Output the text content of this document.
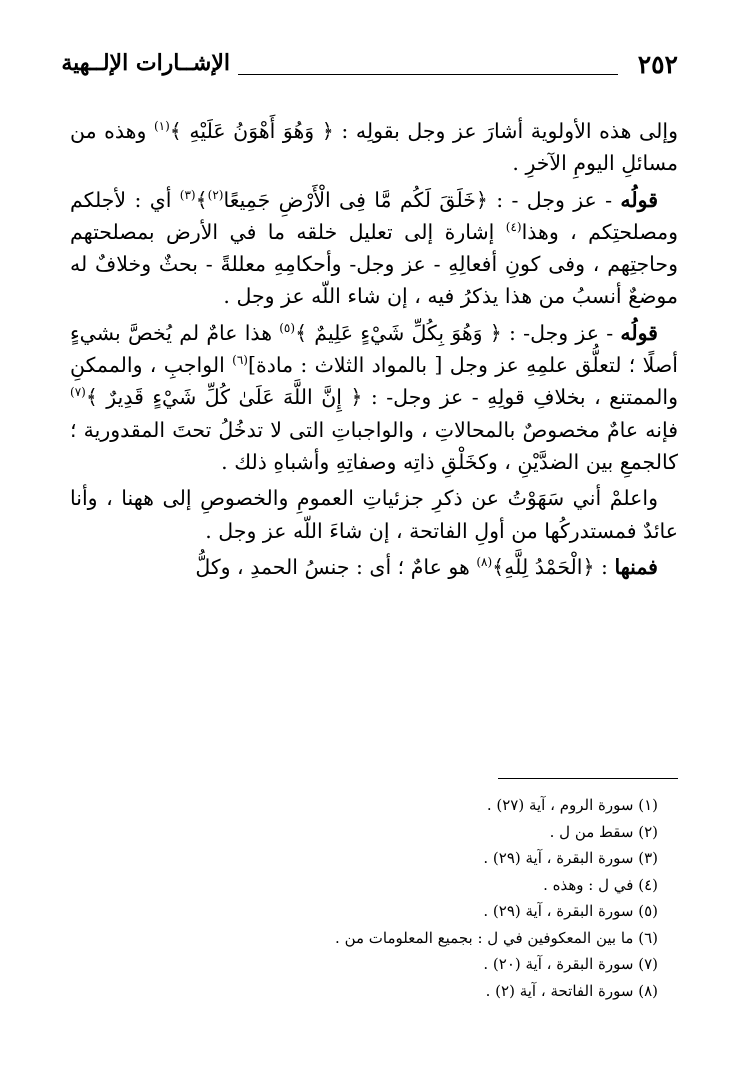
٢٥٢
الإشــارات الإلــهية

وإلى هذه الأولوية أشارَ عز وجل بقولِه : ﴿ وَهُوَ أَهْوَنُ عَلَيْهِ ﴾$^{(١)}$ وهذه من مسائلِ اليومِ الآخرِ .

قولُه - عز وجل - : ﴿خَلَقَ لَكُم مَّا فِى الْأَرْضِ جَمِيعًا$^{(٢)}$﴾$^{(٣)}$ أي : لأجلكم ومصلحتِكم ، وهذا$^{(٤)}$ إشارة إلى تعليل خلقه ما في الأرض بمصلحتهم وحاجتِهم ، وفى كونِ أفعالِهِ - عز وجل- وأحكامِهِ معللةً - بحثٌ وخلافٌ له موضعٌ أنسبُ من هذا يذكرُ فيه ، إن شاء اللّه عز وجل .

قولُه - عز وجل- : ﴿ وَهُوَ بِكُلِّ شَيْءٍ عَلِيمٌ ﴾$^{(٥)}$ هذا عامٌ لم يُخصَّ بشيءٍ أصلًا ؛ لتعلُّق علمِهِ عز وجل [ بالمواد الثلاث : مادة]$^{(٦)}$ الواجبِ ، والممكنِ والممتنع ، بخلافِ قولِهِ - عز وجل- : ﴿ إِنَّ اللَّهَ عَلَىٰ كُلِّ شَيْءٍ قَدِيرٌ ﴾$^{(٧)}$ فإنه عامٌ مخصوصٌ بالمحالاتِ ، والواجباتِ التى لا تدخُلُ تحتَ المقدورية ؛ كالجمعِ بين الضدَّيْنِ ، وكخَلْقِ ذاتِه وصفاتِهِ وأشباهِ ذلك .

واعلمْ أني سَهَوْتُ عن ذكرِ جزئياتِ العمومِ والخصوصِ إلى ههنا ، وأنا عائدٌ فمستدركُها من أولِ الفاتحة ، إن شاءَ اللّه عز وجل .

فمنها : ﴿الْحَمْدُ لِلَّهِ﴾$^{(٨)}$ هو عامٌ ؛ أى : جنسُ الحمدِ ، وكلُّ

(١) سورة الروم ، آية (٢٧) .
(٢) سقط من ل .
(٣) سورة البقرة ، آية (٢٩) .
(٤) في ل : وهذه .
(٥) سورة البقرة ، آية (٢٩) .
(٦) ما بين المعكوفين في ل : بجميع المعلومات من .
(٧) سورة البقرة ، آية (٢٠) .
(٨) سورة الفاتحة ، آية (٢) .
